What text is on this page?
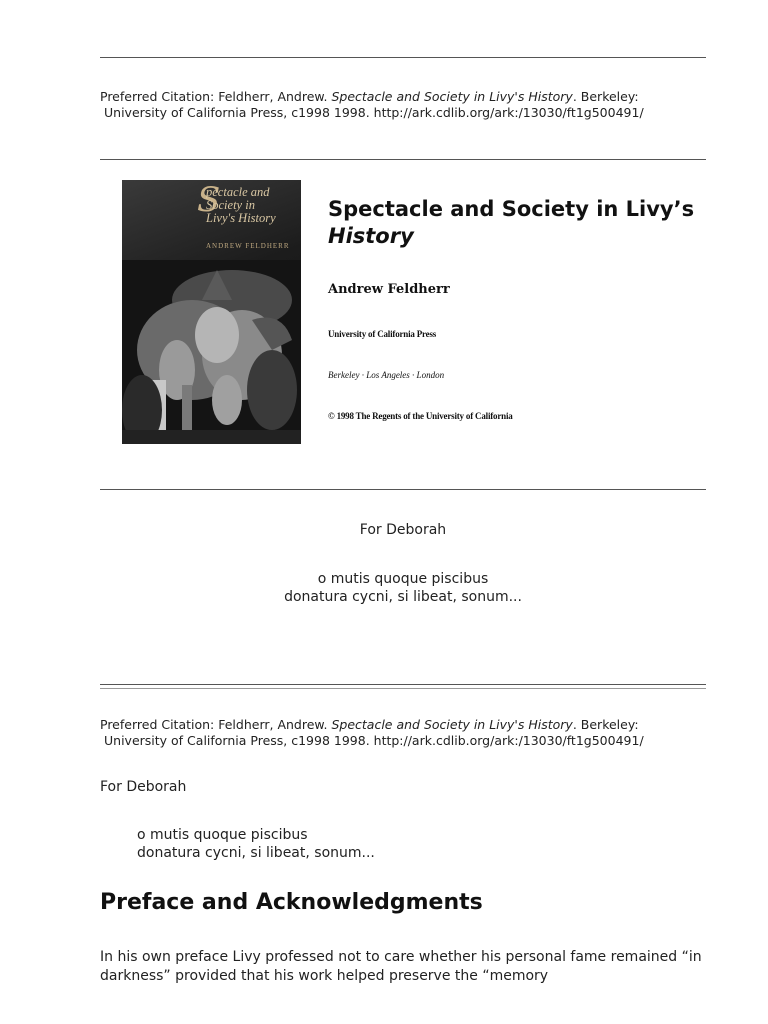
Preferred Citation: Feldherr, Andrew. Spectacle and Society in Livy's History. Berkeley:
University of California Press, c1998 1998. http://ark.cdlib.org/ark:/13030/ft1g500491/
S
pectacle and
Society in
Livy's History
ANDREW FELDHERR
Spectacle and Society in Livy’s
History
Andrew Feldherr
University of California Press
Berkeley · Los Angeles · London
© 1998 The Regents of the University of California
For Deborah
o mutis quoque piscibus
donatura cycni, si libeat, sonum...
Preferred Citation: Feldherr, Andrew. Spectacle and Society in Livy's History. Berkeley:
University of California Press, c1998 1998. http://ark.cdlib.org/ark:/13030/ft1g500491/
For Deborah
o mutis quoque piscibus
donatura cycni, si libeat, sonum...
Preface and Acknowledgments
In his own preface Livy professed not to care whether his personal fame remained “in darkness” provided that his work helped preserve the “memory
